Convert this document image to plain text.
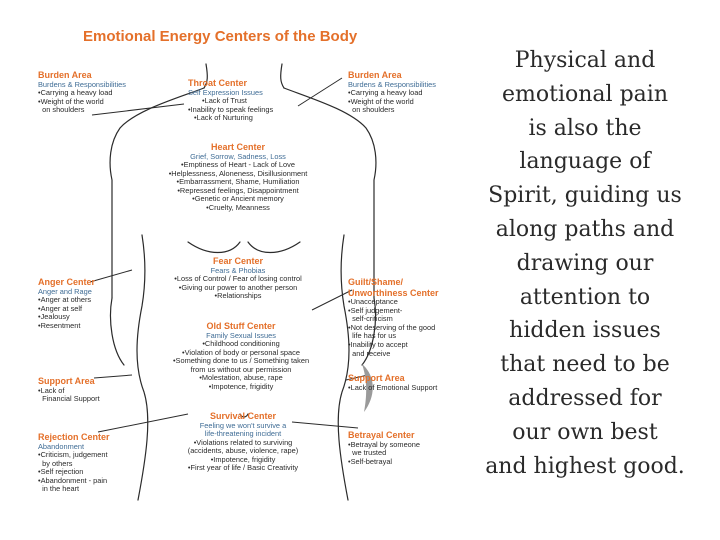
Emotional Energy Centers of the Body
Burden Area
Burdens & Responsibilities
•Carrying a heavy load
•Weight of the world
on shoulders
Throat Center
Self Expression Issues
•Lack of Trust
•Inability to speak feelings
•Lack of Nurturing
Burden Area
Burdens & Responsibilities
•Carrying a heavy load
•Weight of the world
on shoulders
Heart Center
Grief, Sorrow, Sadness, Loss
•Emptiness of Heart - Lack of Love
•Helplessness, Aloneness, Disillusionment
•Embarrassment, Shame, Humiliation
•Repressed feelings, Disappointment
•Genetic or Ancient memory
•Cruelty, Meanness
Fear Center
Fears & Phobias
•Loss of Control / Fear of losing control
•Giving our power to another person
•Relationships
Anger Center
Anger and Rage
•Anger at others
•Anger at self
•Jealousy
•Resentment
Guilt/Shame/
Unworthiness Center
•Unacceptance
•Self judgement-
self-criticism
•Not deserving of the good
life has for us
•Inability to accept
and receive
Old Stuff Center
Family Sexual Issues
•Childhood conditioning
•Violation of body or personal space
•Something done to us / Something taken
from us without our permission
•Molestation, abuse, rape
•Impotence, frigidity
Support Area
•Lack of
Financial Support
Support Area
•Lack of Emotional Support
Survival Center
Feeling we won't survive a
life-threatening incident
•Violations related to surviving
(accidents, abuse, violence, rape)
•Impotence, frigidity
•First year of life / Basic Creativity
Rejection Center
Abandonment
•Criticism, judgement
by others
•Self rejection
•Abandonment - pain
in the heart
Betrayal Center
•Betrayal by someone
we trusted
•Self-betrayal
Physical and
emotional pain
is also the
language of
Spirit, guiding us
along paths and
drawing our
attention to
hidden issues
that need to be
addressed for
our own best
and highest good.
